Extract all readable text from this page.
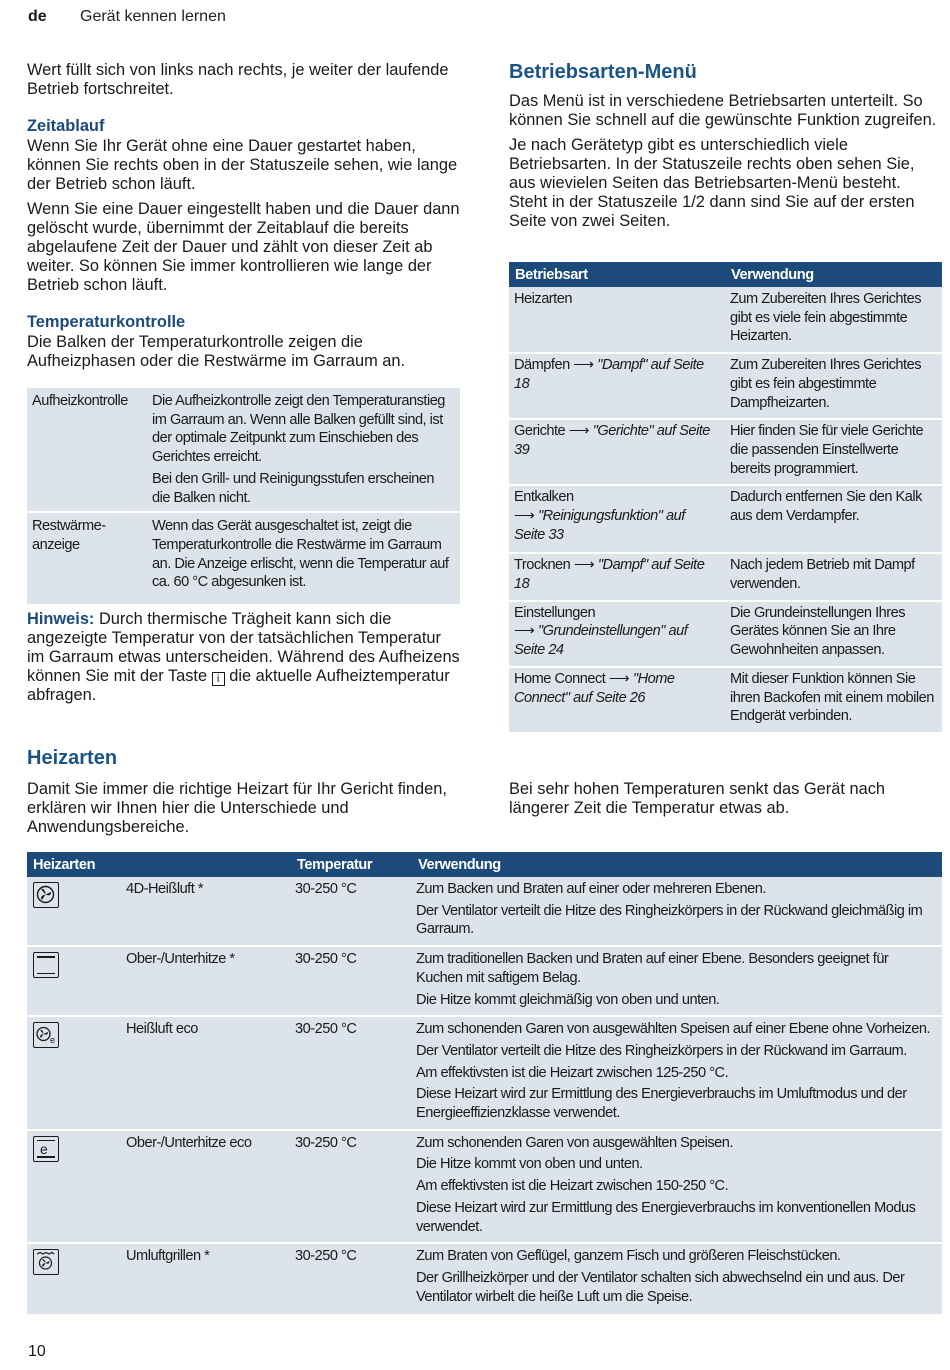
de Gerät kennen lernen

Wert füllt sich von links nach rechts, je weiter der laufende Betrieb fortschreitet.

Zeitablauf

Wenn Sie Ihr Gerät ohne eine Dauer gestartet haben, können Sie rechts oben in der Statuszeile sehen, wie lange der Betrieb schon läuft.

Wenn Sie eine Dauer eingestellt haben und die Dauer dann gelöscht wurde, übernimmt der Zeitablauf die bereits abgelaufene Zeit der Dauer und zählt von dieser Zeit ab weiter. So können Sie immer kontrollieren wie lange der Betrieb schon läuft.

Temperaturkontrolle

Die Balken der Temperaturkontrolle zeigen die Aufheizphasen oder die Restwärme im Garraum an.

Aufheizkontrolle	Die Aufheizkontrolle zeigt den Temperaturanstieg im Garraum an. Wenn alle Balken gefüllt sind, ist der optimale Zeitpunkt zum Einschieben des Gerichtes erreicht.
Bei den Grill- und Reinigungsstufen erscheinen die Balken nicht.

Restwärme-anzeige	Wenn das Gerät ausgeschaltet ist, zeigt die Temperaturkontrolle die Restwärme im Garraum an. Die Anzeige erlischt, wenn die Temperatur auf ca. 60 °C abgesunken ist.

Hinweis: Durch thermische Trägheit kann sich die angezeigte Temperatur von der tatsächlichen Temperatur im Garraum etwas unterscheiden. Während des Aufheizens können Sie mit der Taste i die aktuelle Aufheiztemperatur abfragen.

Betriebsarten-Menü

Das Menü ist in verschiedene Betriebsarten unterteilt. So können Sie schnell auf die gewünschte Funktion zugreifen.

Je nach Gerätetyp gibt es unterschiedlich viele Betriebsarten. In der Statuszeile rechts oben sehen Sie, aus wievielen Seiten das Betriebsarten-Menü besteht. Steht in der Statuszeile 1/2 dann sind Sie auf der ersten Seite von zwei Seiten.

Betriebsart	Verwendung
Heizarten	Zum Zubereiten Ihres Gerichtes gibt es viele fein abgestimmte Heizarten.
Dämpfen ⟶ "Dampf" auf Seite 18	Zum Zubereiten Ihres Gerichtes gibt es fein abgestimmte Dampfheizarten.
Gerichte ⟶ "Gerichte" auf Seite 39	Hier finden Sie für viele Gerichte die passenden Einstellwerte bereits programmiert.
Entkalken
⟶ "Reinigungsfunktion" auf Seite 33	Dadurch entfernen Sie den Kalk aus dem Verdampfer.
Trocknen ⟶ "Dampf" auf Seite 18	Nach jedem Betrieb mit Dampf verwenden.
Einstellungen
⟶ "Grundeinstellungen" auf Seite 24	Die Grundeinstellungen Ihres Gerätes können Sie an Ihre Gewohnheiten anpassen.
Home Connect ⟶ "Home Connect" auf Seite 26	Mit dieser Funktion können Sie ihren Backofen mit einem mobilen Endgerät verbinden.
Heizarten

Damit Sie immer die richtige Heizart für Ihr Gericht finden, erklären wir Ihnen hier die Unterschiede und Anwendungsbereiche.

Bei sehr hohen Temperaturen senkt das Gerät nach längerer Zeit die Temperatur etwas ab.

Heizarten		Temperatur	Verwendung

	4D-Heißluft *	30-250 °C	Zum Backen und Braten auf einer oder mehreren Ebenen.
Der Ventilator verteilt die Hitze des Ringheizkörpers in der Rückwand gleichmäßig im Garraum.

	Ober-/Unterhitze *	30-250 °C	Zum traditionellen Backen und Braten auf einer Ebene. Besonders geeignet für Kuchen mit saftigem Belag.
Die Hitze kommt gleichmäßig von oben und unten.

e	Heißluft eco	30-250 °C	Zum schonenden Garen von ausgewählten Speisen auf einer Ebene ohne Vorheizen.
Der Ventilator verteilt die Hitze des Ringheizkörpers in der Rückwand im Garraum.
Am effektivsten ist die Heizart zwischen 125-250 °C.
Diese Heizart wird zur Ermittlung des Energieverbrauchs im Umluftmodus und der Energieeffizienzklasse verwendet.

e	Ober-/Unterhitze eco	30-250 °C	Zum schonenden Garen von ausgewählten Speisen.
Die Hitze kommt von oben und unten.
Am effektivsten ist die Heizart zwischen 150-250 °C.
Diese Heizart wird zur Ermittlung des Energieverbrauchs im konventionellen Modus verwendet.

	Umluftgrillen *	30-250 °C	Zum Braten von Geflügel, ganzem Fisch und größeren Fleischstücken.
Der Grillheizkörper und der Ventilator schalten sich abwechselnd ein und aus. Der Ventilator wirbelt die heiße Luft um die Speise.
10
